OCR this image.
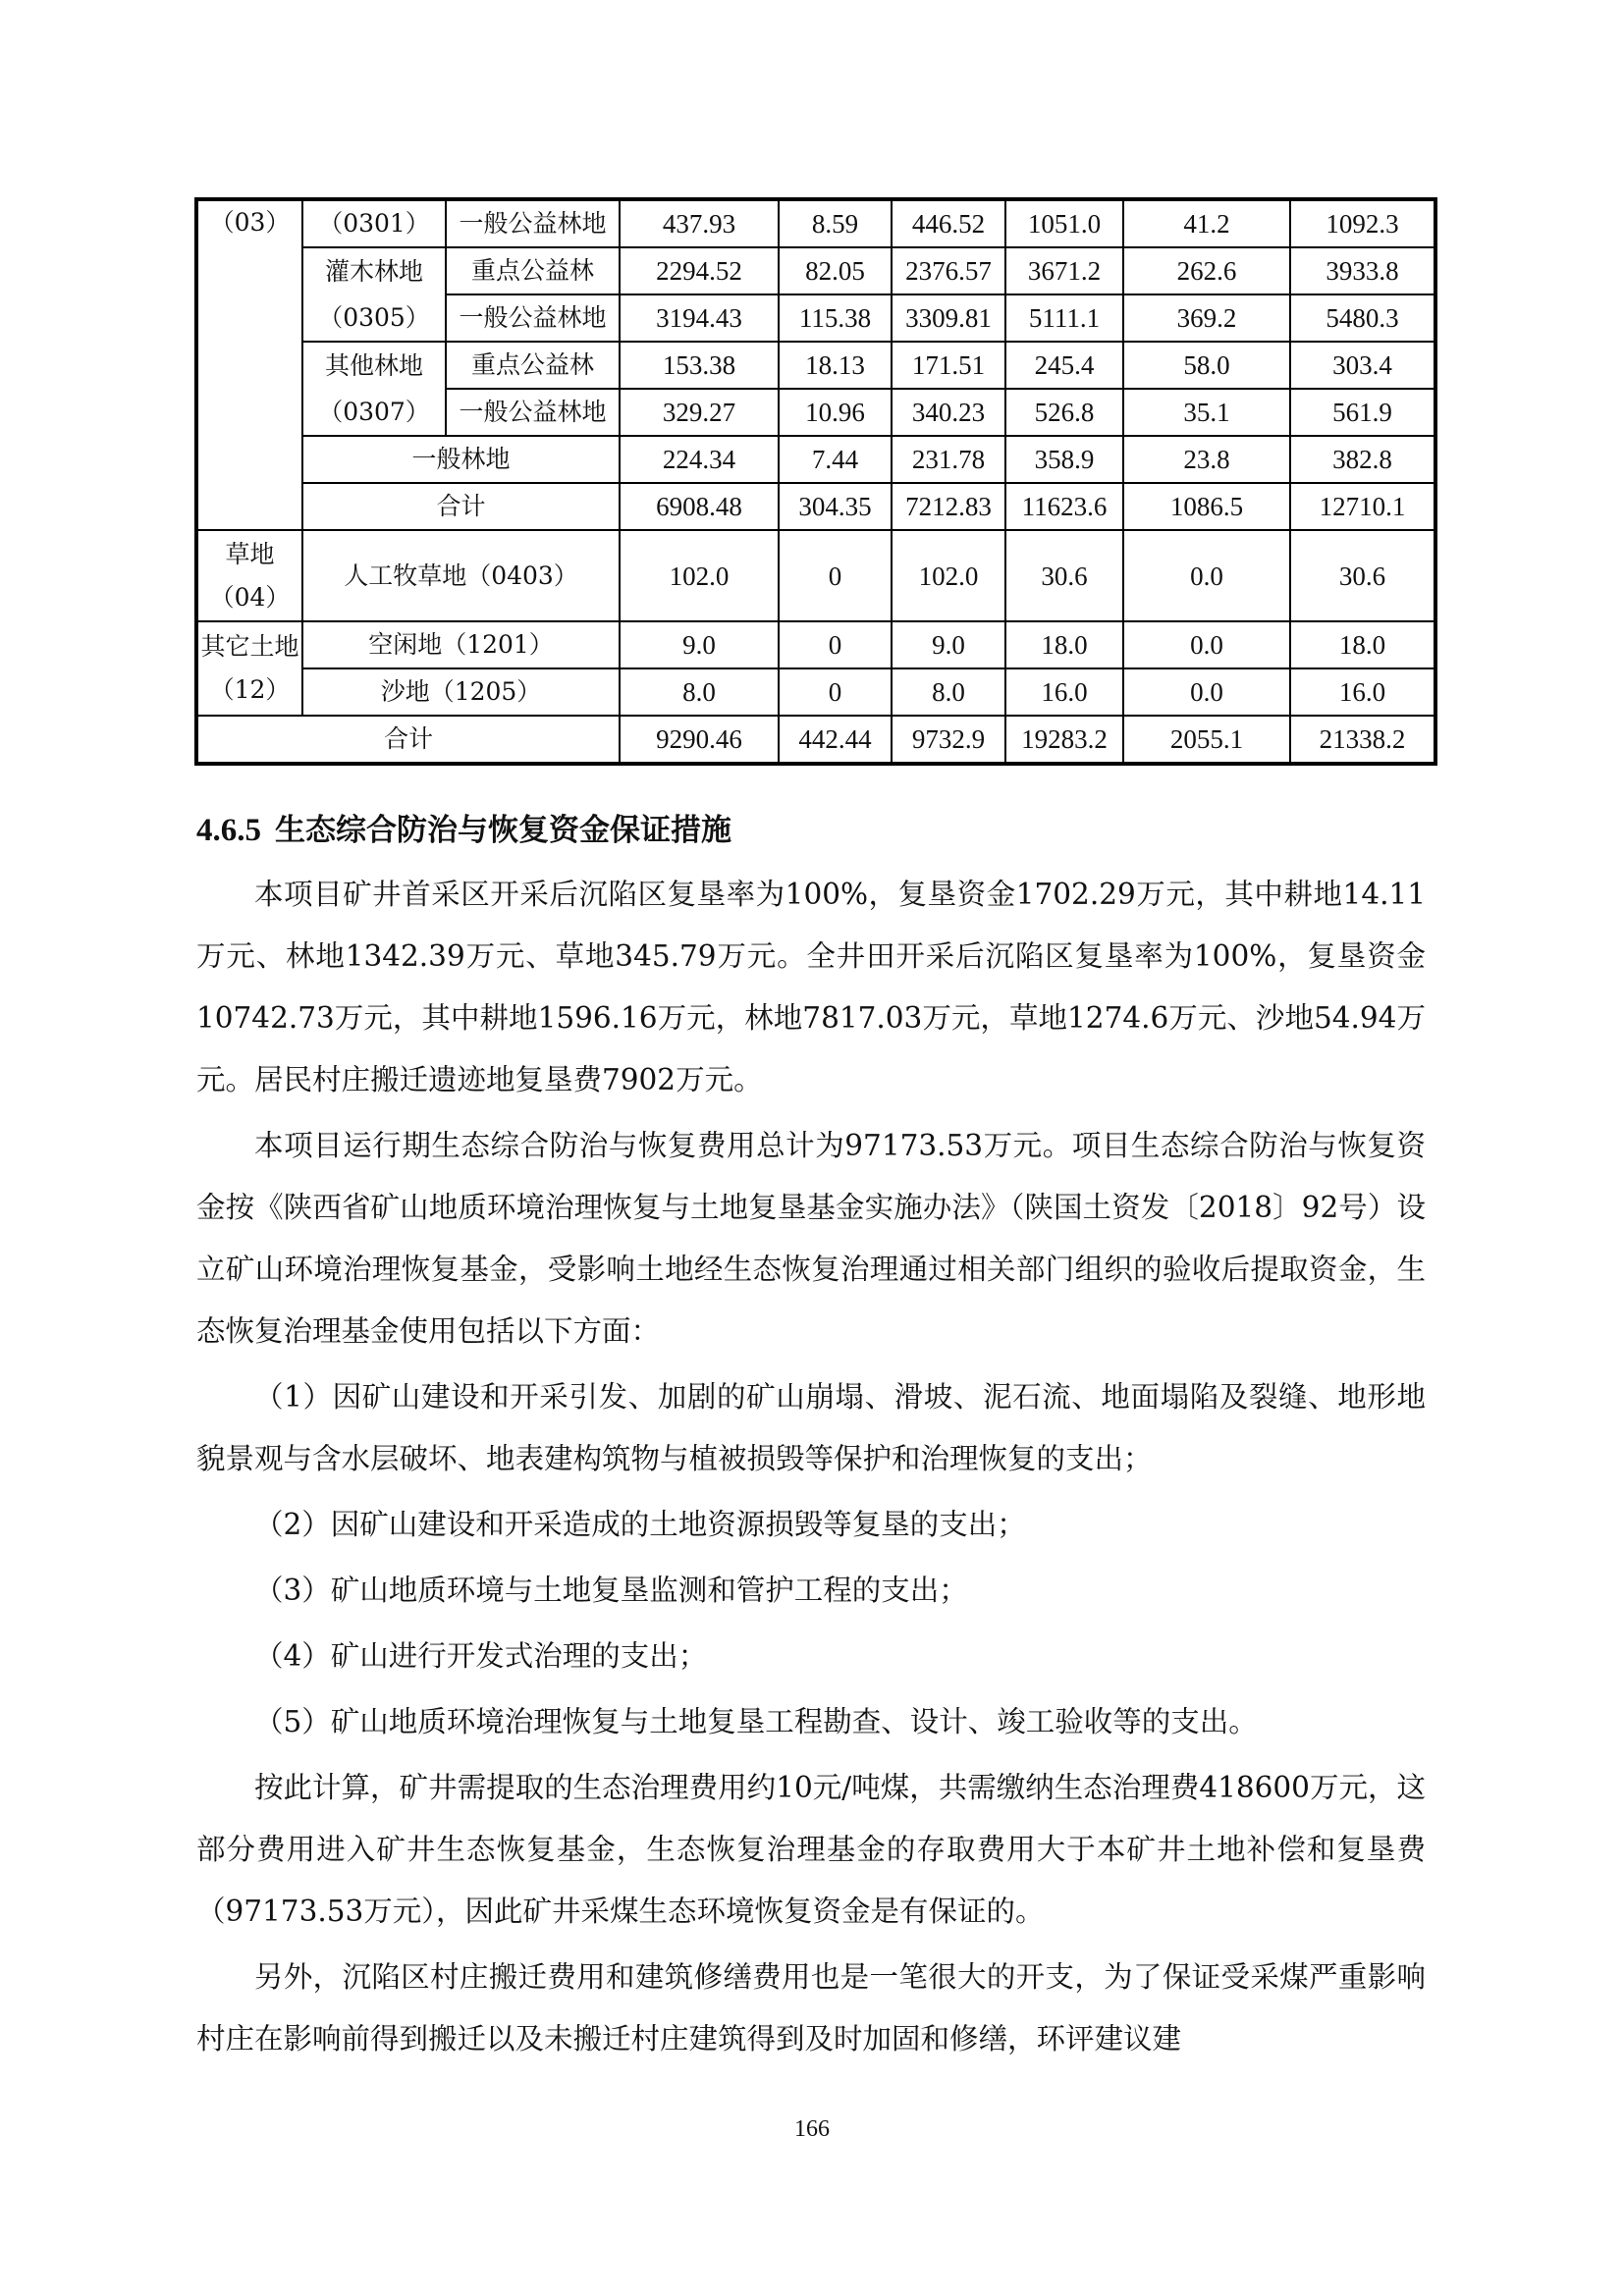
（03）	（0301）	一般公益林地	437.93	8.59	446.52	1051.0	41.2	1092.3
	灌木林地	重点公益林	2294.52	82.05	2376.57	3671.2	262.6	3933.8
	（0305）	一般公益林地	3194.43	115.38	3309.81	5111.1	369.2	5480.3
	其他林地	重点公益林	153.38	18.13	171.51	245.4	58.0	303.4
	（0307）	一般公益林地	329.27	10.96	340.23	526.8	35.1	561.9
	一般林地		224.34	7.44	231.78	358.9	23.8	382.8
	合计		6908.48	304.35	7212.83	11623.6	1086.5	12710.1
草地（04）	人工牧草地（0403）		102.0	0	102.0	30.6	0.0	30.6
其它土地（12）	空闲地（1201）		9.0	0	9.0	18.0	0.0	18.0
	沙地（1205）		8.0	0	8.0	16.0	0.0	16.0
合计			9290.46	442.44	9732.9	19283.2	2055.1	21338.2
4.6.5 生态综合防治与恢复资金保证措施

本项目矿井首采区开采后沉陷区复垦率为100%，复垦资金1702.29万元，其中耕地14.11万元、林地1342.39万元、草地345.79万元。全井田开采后沉陷区复垦率为100%，复垦资金10742.73万元，其中耕地1596.16万元，林地7817.03万元，草地1274.6万元、沙地54.94万元。居民村庄搬迁遗迹地复垦费7902万元。

本项目运行期生态综合防治与恢复费用总计为97173.53万元。项目生态综合防治与恢复资金按《陕西省矿山地质环境治理恢复与土地复垦基金实施办法》（陕国土资发〔2018〕92号）设立矿山环境治理恢复基金，受影响土地经生态恢复治理通过相关部门组织的验收后提取资金，生态恢复治理基金使用包括以下方面：

（1）因矿山建设和开采引发、加剧的矿山崩塌、滑坡、泥石流、地面塌陷及裂缝、地形地貌景观与含水层破坏、地表建构筑物与植被损毁等保护和治理恢复的支出；

（2）因矿山建设和开采造成的土地资源损毁等复垦的支出；

（3）矿山地质环境与土地复垦监测和管护工程的支出；

（4）矿山进行开发式治理的支出；

（5）矿山地质环境治理恢复与土地复垦工程勘查、设计、竣工验收等的支出。

按此计算，矿井需提取的生态治理费用约10元/吨煤，共需缴纳生态治理费418600万元，这部分费用进入矿井生态恢复基金，生态恢复治理基金的存取费用大于本矿井土地补偿和复垦费（97173.53万元），因此矿井采煤生态环境恢复资金是有保证的。

另外，沉陷区村庄搬迁费用和建筑修缮费用也是一笔很大的开支，为了保证受采煤严重影响村庄在影响前得到搬迁以及未搬迁村庄建筑得到及时加固和修缮，环评建议建

166
